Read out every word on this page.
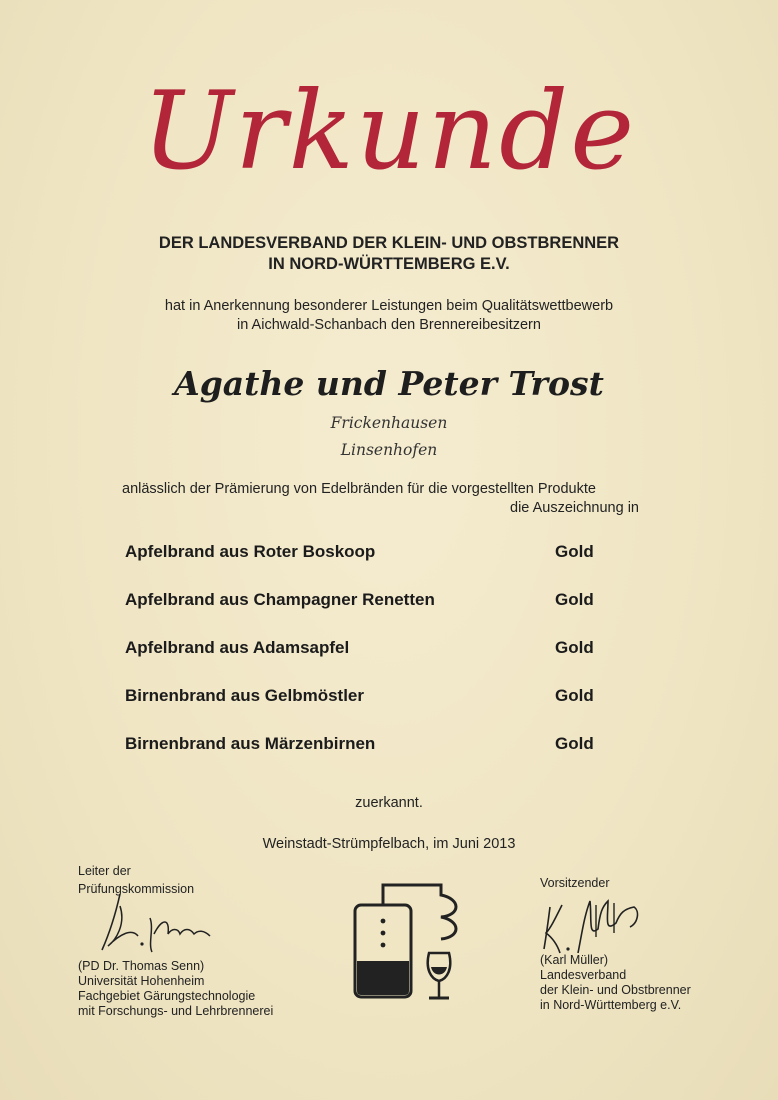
Urkunde
DER LANDESVERBAND DER KLEIN- UND OBSTBRENNER
IN NORD-WÜRTTEMBERG E.V.
hat in Anerkennung besonderer Leistungen beim Qualitätswettbewerb
in Aichwald-Schanbach den Brennereibesitzern
Agathe und Peter Trost
Frickenhausen
Linsenhofen
anlässlich der Prämierung von Edelbränden für die vorgestellten Produkte
die Auszeichnung in
Apfelbrand aus Roter Boskoop	Gold
Apfelbrand aus Champagner Renetten	Gold
Apfelbrand aus Adamsapfel	Gold
Birnenbrand aus Gelbmöstler	Gold
Birnenbrand aus Märzenbirnen	Gold
zuerkannt.
Weinstadt-Strümpfelbach, im Juni 2013
Leiter der
Prüfungskommission
(PD Dr. Thomas Senn)
Universität Hohenheim
Fachgebiet Gärungstechnologie
mit Forschungs- und Lehrbrennerei
Vorsitzender
(Karl Müller)
Landesverband
der Klein- und Obstbrenner
in Nord-Württemberg e.V.
